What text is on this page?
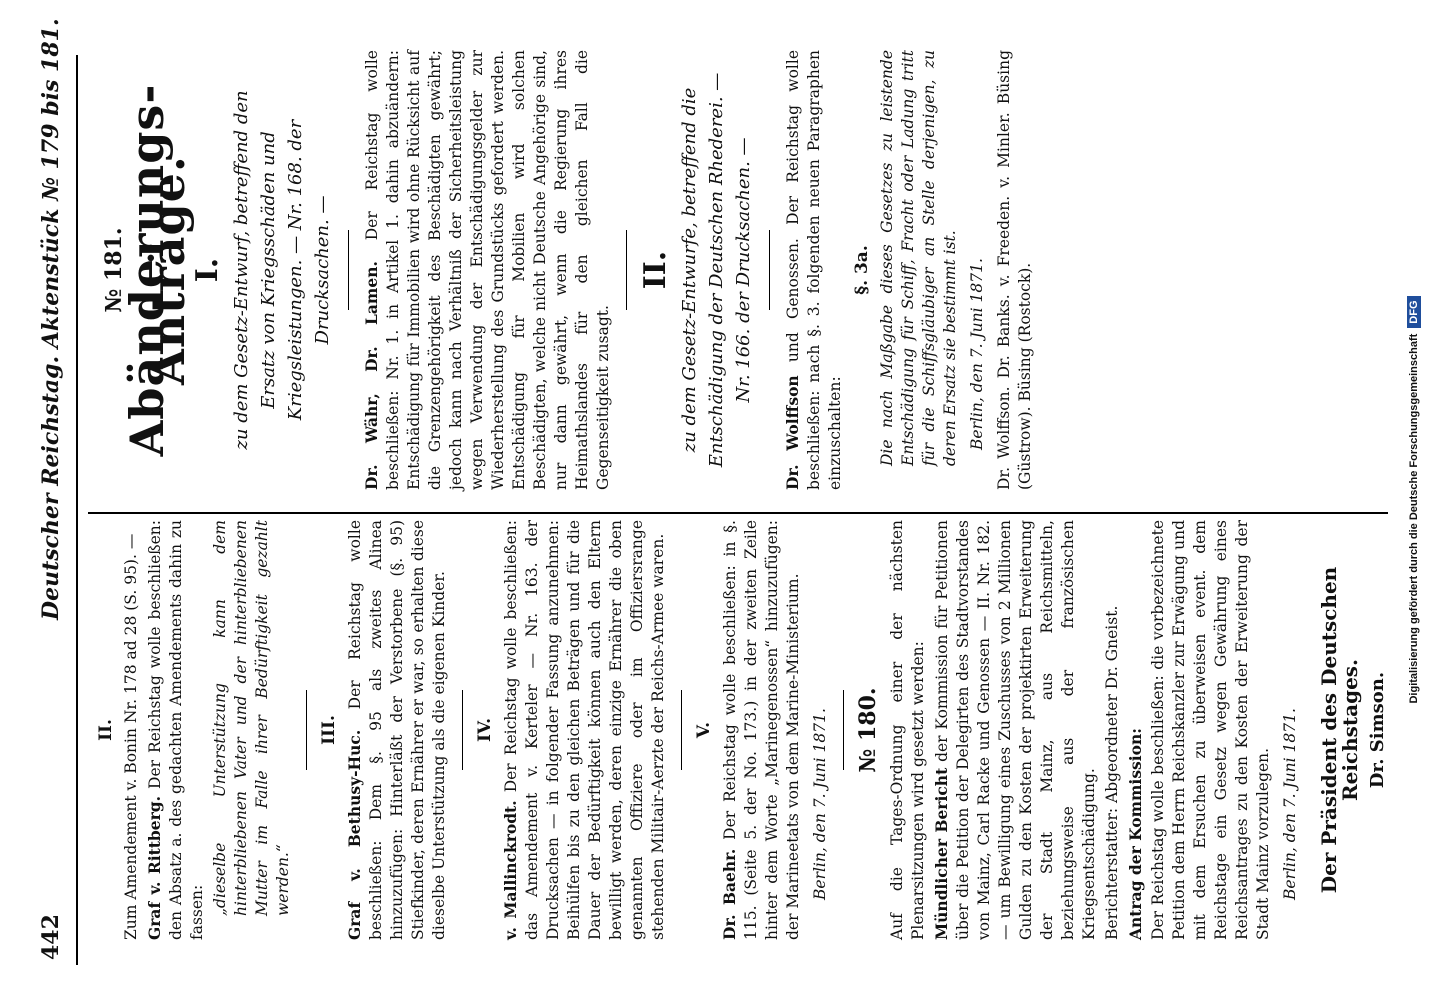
442
Deutscher Reichstag. Aktenstück № 179 bis 181.
II. Zum Amendement v. Bonin Nr. 178 ad 28 (S. 95). — Graf v. Rittberg. Der Reichstag wolle beschließen: den Absatz a. des gedachten Amendements dahin zu fassen: „dieselbe Unterstützung kann dem hinterbliebenen Vater und der hinterbliebenen Mutter im Falle ihrer Bedürftigkeit gezahlt werden.“
III. Graf v. Bethusy-Huc. Der Reichstag wolle beschließen: Dem §. 95 als zweites Alinea hinzuzufügen: Hinterläßt der Verstorbene (§. 95) Stiefkinder, deren Ernährer er war, so erhalten diese dieselbe Unterstützung als die eigenen Kinder. IV.
v. Mallinckrodt. Der Reichstag wolle beschließen: das Amendement v. Kerteler — Nr. 163. der Drucksachen — in folgender Fassung anzunehmen: Beihülfen bis zu den gleichen Beträgen und für die Dauer der Bedürftigkeit können auch den Eltern bewilligt werden, deren einzige Ernährer die oben genannten Offiziere oder im Offiziersrange stehenden Militair-Aerzte der Reichs-Armee waren. V.
Dr. Baehr. Der Reichstag wolle beschließen: in §. 115. (Seite 5. der No. 173.) in der zweiten Zeile hinter dem Worte „Marinegenossen“ hinzuzufügen: der Marineetats von dem Marine-Ministerium. Berlin, den 7. Juni 1871. № 180. Auf die Tages-Ordnung einer der nächsten Plenarsitzungen wird gesetzt werden: Mündlicher Bericht der Kommission für Petitionen über die Petition der Delegirten des Stadtvorstandes von Mainz, Carl Racke und Genossen — II. Nr. 182. — um Bewilligung eines Zuschusses von 2 Millionen Gulden zu den Kosten der projektirten Erweiterung der Stadt Mainz, aus Reichsmitteln, beziehungsweise aus der französischen Kriegsentschädigung. Berichterstatter: Abgeordneter Dr. Gneist. Antrag der Kommission: Der Reichstag wolle beschließen: die vorbezeichnete Petition dem Herrn Reichskanzler zur Erwägung und mit dem Ersuchen zu überweisen event. dem Reichstage ein Gesetz wegen Gewährung eines Reichsantrages zu den Kosten der Erweiterung der Stadt Mainz vorzulegen. Berlin, den 7. Juni 1871. Der Präsident des Deutschen Reichstages. Dr. Simson.
№ 181.
Abänderungs-Anträge.
I. zu dem Gesetz-Entwurf, betreffend den Ersatz von Kriegsschäden und Kriegsleistungen. — Nr. 168. der Drucksachen. — Dr. Währ, Dr. Lamen. Der Reichstag wolle beschließen: Nr. 1. in Artikel 1. dahin abzuändern: Entschädigung für Immobilien wird ohne Rücksicht auf die Grenzengehörigkeit des Beschädigten gewährt; jedoch kann nach Verhältniß der Sicherheitsleistung wegen Verwendung der Entschädigungsgelder zur Wiederherstellung des Grundstücks gefordert werden. Entschädigung für Mobilien wird solchen Beschädigten, welche nicht Deutsche Angehörige sind, nur dann gewährt, wenn die Regierung ihres Heimathslandes für den gleichen Fall die Gegenseitigkeit zusagt.
II. zu dem Gesetz-Entwurfe, betreffend die Entschädigung der Deutschen Rhederei. — Nr. 166. der Drucksachen. —
Dr. Wolffson und Genossen. Der Reichstag wolle beschließen: nach §. 3. folgenden neuen Paragraphen einzuschalten:
§. 3a. Die nach Maßgabe dieses Gesetzes zu leistende Entschädigung für Schiff, Fracht oder Ladung tritt für die Schiffsgläubiger an Stelle derjenigen, zu deren Ersatz sie bestimmt ist. Berlin, den 7. Juni 1871. Dr. Wolffson. Dr. Banks. v. Freeden. v. Minler. Büsing (Güstrow). Büsing (Rostock).	Digitalisierung gefördert durch die Deutsche ForschungsgemeinschaftDFG
